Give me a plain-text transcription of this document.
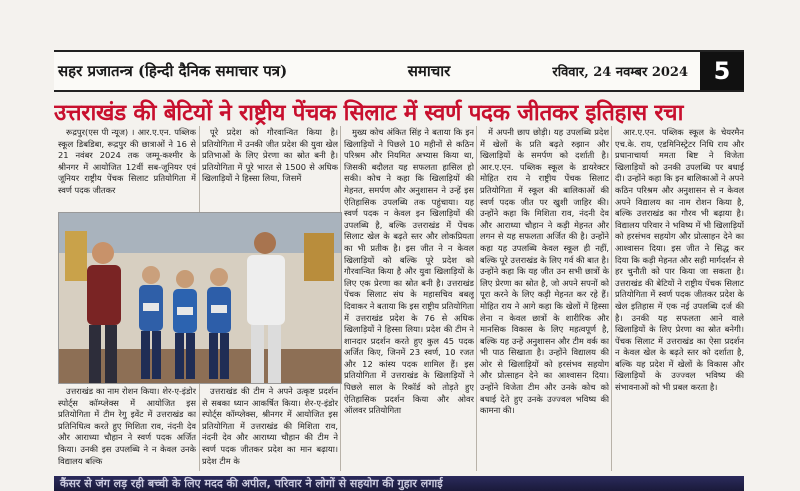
सहर प्रजातन्त्र (हिन्दी दैनिक समाचार पत्र)	समाचार	रविवार, 24 नवम्बर 2024	5
उत्तराखंड की बेटियों ने राष्ट्रीय पेंचक सिलाट में स्वर्ण पदक जीतकर इतिहास रचा

रूद्रपुर(एस पी न्यूज) । आर.ए.एन. पब्लिक स्कूल डिबडिबा, रूद्रपुर की छात्राओं ने 16 से 21 नवंबर 2024 तक जम्मू-कश्मीर के श्रीनगर में आयोजित 12वीं सब-जूनियर एवं जूनियर राष्ट्रीय पेंचक सिलाट प्रतियोगिता में स्वर्ण पदक जीतकर

पूरे प्रदेश को गौरवान्वित किया है। प्रतियोगिता में उनकी जीत प्रदेश की युवा खेल प्रतिभाओं के लिए प्रेरणा का स्रोत बनी है। प्रतियोगिता में पूरे भारत से 1500 से अधिक खिलाड़ियों ने हिस्सा लिया, जिसमें

उत्तराखंड का नाम रोशन किया। शेर-ए-इंडोर स्पोर्ट्स कॉम्प्लेक्स में आयोजित इस प्रतियोगिता में टीम रेगु इवेंट में उत्तराखंड का प्रतिनिधित्व करते हुए मिशिता राव, नंदनी देव और आराध्या चौहान ने स्वर्ण पदक अर्जित किया। उनकी इस उपलब्धि ने न केवल उनके विद्यालय बल्कि

उत्तराखंड की टीम ने अपने उत्कृष्ट प्रदर्शन से सबका ध्यान आकर्षित किया। शेर-ए-इंडोर स्पोर्ट्स कॉम्प्लेक्स, श्रीनगर में आयोजित इस प्रतियोगिता में उत्तराखंड की मिशिता राव, नंदनी देव और आराध्या चौहान की टीम ने स्वर्ण पदक जीतकर प्रदेश का मान बढ़ाया। प्रदेश टीम के

मुख्य कोच अंकित सिंह ने बताया कि इन खिलाड़ियों ने पिछले 10 महीनों से कठिन परिश्रम और नियमित अभ्यास किया था, जिसकी बदौलत यह सफलता हासिल हो सकी। कोच ने कहा कि खिलाड़ियों की मेहनत, समर्पण और अनुशासन ने उन्हें इस ऐतिहासिक उपलब्धि तक पहुंचाया। यह स्वर्ण पदक न केवल इन खिलाड़ियों की उपलब्धि है, बल्कि उत्तराखंड में पेंचक सिलाट खेल के बढ़ते स्तर और लोकप्रियता का भी प्रतीक है। इस जीत ने न केवल खिलाड़ियों को बल्कि पूरे प्रदेश को गौरवान्वित किया है और युवा खिलाड़ियों के लिए एक प्रेरणा का स्रोत बनी है। उत्तराखंड पेंचक सिलाट संघ के महासचिव बबलू दिवाकर ने बताया कि इस राष्ट्रीय प्रतियोगिता में उत्तराखंड प्रदेश के 76 से अधिक खिलाड़ियों ने हिस्सा लिया। प्रदेश की टीम ने शानदार प्रदर्शन करते हुए कुल 45 पदक अर्जित किए, जिनमें 23 स्वर्ण, 10 रजत और 12 कांस्य पदक शामिल हैं। इस प्रतियोगिता में उत्तराखंड के खिलाड़ियों ने पिछले साल के रिकॉर्ड को तोड़ते हुए ऐतिहासिक प्रदर्शन किया और ओवर ऑलवर प्रतियोगिता

में अपनी छाप छोड़ी। यह उपलब्धि प्रदेश में खेलों के प्रति बढ़ते रुझान और खिलाड़ियों के समर्पण को दर्शाती है। आर.ए.एन. पब्लिक स्कूल के डायरेक्टर मोहित राय ने राष्ट्रीय पेंचक सिलाट प्रतियोगिता में स्कूल की बालिकाओं की स्वर्ण पदक जीत पर खुशी जाहिर की। उन्होंने कहा कि मिशिता राव, नंदनी देव और आराध्या चौहान ने कड़ी मेहनत और लगन से यह सफलता अर्जित की है। उन्होंने कहा यह उपलब्धि केवल स्कूल ही नहीं, बल्कि पूरे उत्तराखंड के लिए गर्व की बात है। उन्होंने कहा कि यह जीत उन सभी छात्रों के लिए प्रेरणा का स्रोत है, जो अपने सपनों को पूरा करने के लिए कड़ी मेहनत कर रहे हैं। मोहित राय ने आगे कहा कि खेलों में हिस्सा लेना न केवल छात्रों के शारीरिक और मानसिक विकास के लिए महत्वपूर्ण है, बल्कि यह उन्हें अनुशासन और टीम वर्क का भी पाठ सिखाता है। उन्होंने विद्यालय की ओर से खिलाड़ियों को हरसंभव सहयोग और प्रोत्साहन देने का आश्वासन दिया। उन्होंने विजेता टीम और उनके कोच को बधाई देते हुए उनके उज्ज्वल भविष्य की कामना की।

आर.ए.एन. पब्लिक स्कूल के चेयरमैन एच.के. राय, एडमिनिस्ट्रेटर निधि राय और प्रधानाचार्या ममता बिष्ट ने विजेता खिलाड़ियों को उनकी उपलब्धि पर बधाई दी। उन्होंने कहा कि इन बालिकाओं ने अपने कठिन परिश्रम और अनुशासन से न केवल अपने विद्यालय का नाम रोशन किया है, बल्कि उत्तराखंड का गौरव भी बढ़ाया है। विद्यालय परिवार ने भविष्य में भी खिलाड़ियों को हरसंभव सहयोग और प्रोत्साहन देने का आश्वासन दिया। इस जीत ने सिद्ध कर दिया कि कड़ी मेहनत और सही मार्गदर्शन से हर चुनौती को पार किया जा सकता है। उत्तराखंड की बेटियों ने राष्ट्रीय पेंचक सिलाट प्रतियोगिता में स्वर्ण पदक जीतकर प्रदेश के खेल इतिहास में एक नई उपलब्धि दर्ज की है। उनकी यह सफलता आने वाले खिलाड़ियों के लिए प्रेरणा का स्रोत बनेगी। पेंचक सिलाट में उत्तराखंड का ऐसा प्रदर्शन न केवल खेल के बढ़ते स्तर को दर्शाता है, बल्कि यह प्रदेश में खेलों के विकास और खिलाड़ियों के उज्ज्वल भविष्य की संभावनाओं को भी प्रबल करता है।

कैंसर से जंग लड़ रही बच्ची के लिए मदद की अपील, परिवार ने लोगों से सहयोग की गुहार लगाई
